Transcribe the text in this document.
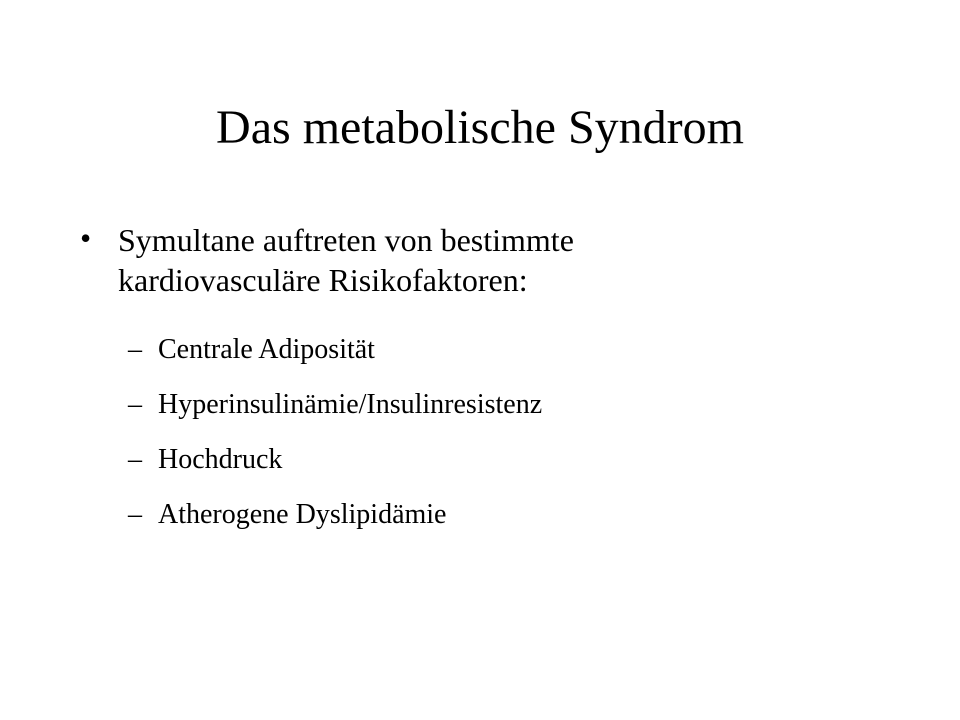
Das metabolische Syndrom
• Symultane auftreten von bestimmte
kardiovasculäre Risikofaktoren:
– Centrale Adiposität
– Hyperinsulinämie/Insulinresistenz
– Hochdruck
– Atherogene Dyslipidämie
